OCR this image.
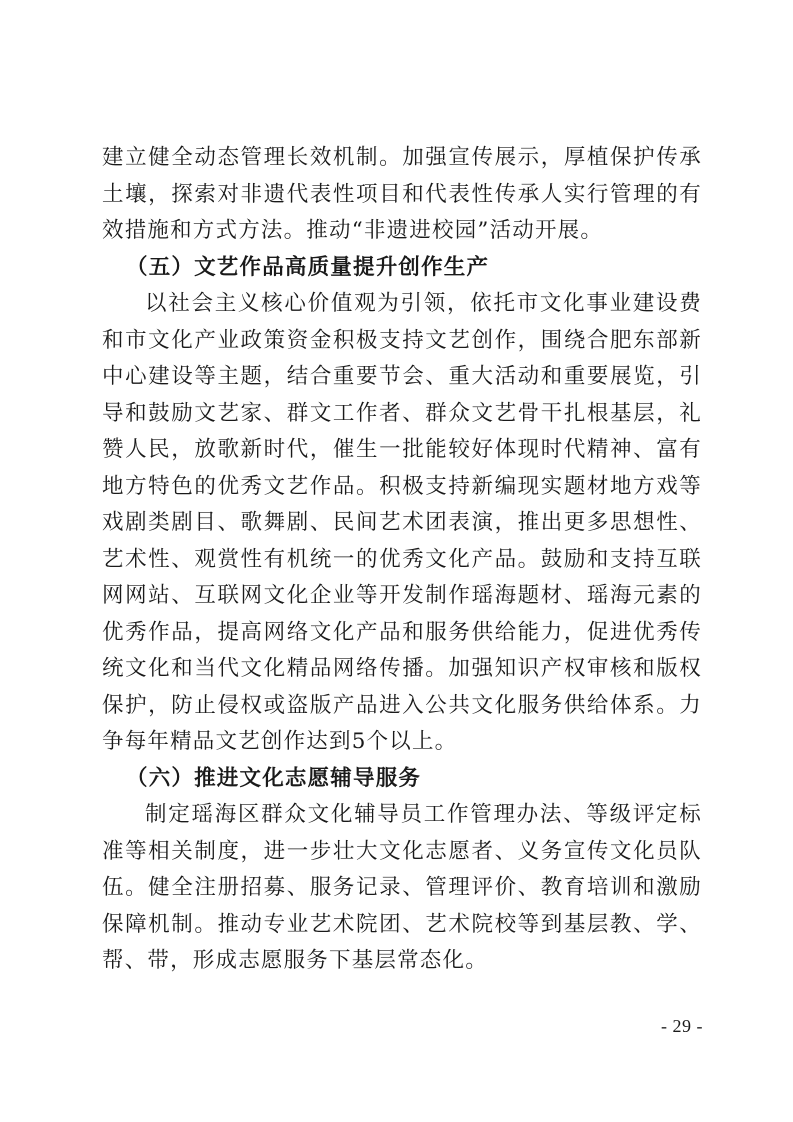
建立健全动态管理长效机制。加强宣传展示，厚植保护传承土壤，探索对非遗代表性项目和代表性传承人实行管理的有效措施和方式方法。推动“非遗进校园”活动开展。

（五）文艺作品高质量提升创作生产

以社会主义核心价值观为引领，依托市文化事业建设费和市文化产业政策资金积极支持文艺创作，围绕合肥东部新中心建设等主题，结合重要节会、重大活动和重要展览，引导和鼓励文艺家、群文工作者、群众文艺骨干扎根基层，礼赞人民，放歌新时代，催生一批能较好体现时代精神、富有地方特色的优秀文艺作品。积极支持新编现实题材地方戏等戏剧类剧目、歌舞剧、民间艺术团表演，推出更多思想性、艺术性、观赏性有机统一的优秀文化产品。鼓励和支持互联网网站、互联网文化企业等开发制作瑶海题材、瑶海元素的优秀作品，提高网络文化产品和服务供给能力，促进优秀传统文化和当代文化精品网络传播。加强知识产权审核和版权保护，防止侵权或盗版产品进入公共文化服务供给体系。力争每年精品文艺创作达到5个以上。

（六）推进文化志愿辅导服务

制定瑶海区群众文化辅导员工作管理办法、等级评定标准等相关制度，进一步壮大文化志愿者、义务宣传文化员队伍。健全注册招募、服务记录、管理评价、教育培训和激励保障机制。推动专业艺术院团、艺术院校等到基层教、学、帮、带，形成志愿服务下基层常态化。

- 29 -
